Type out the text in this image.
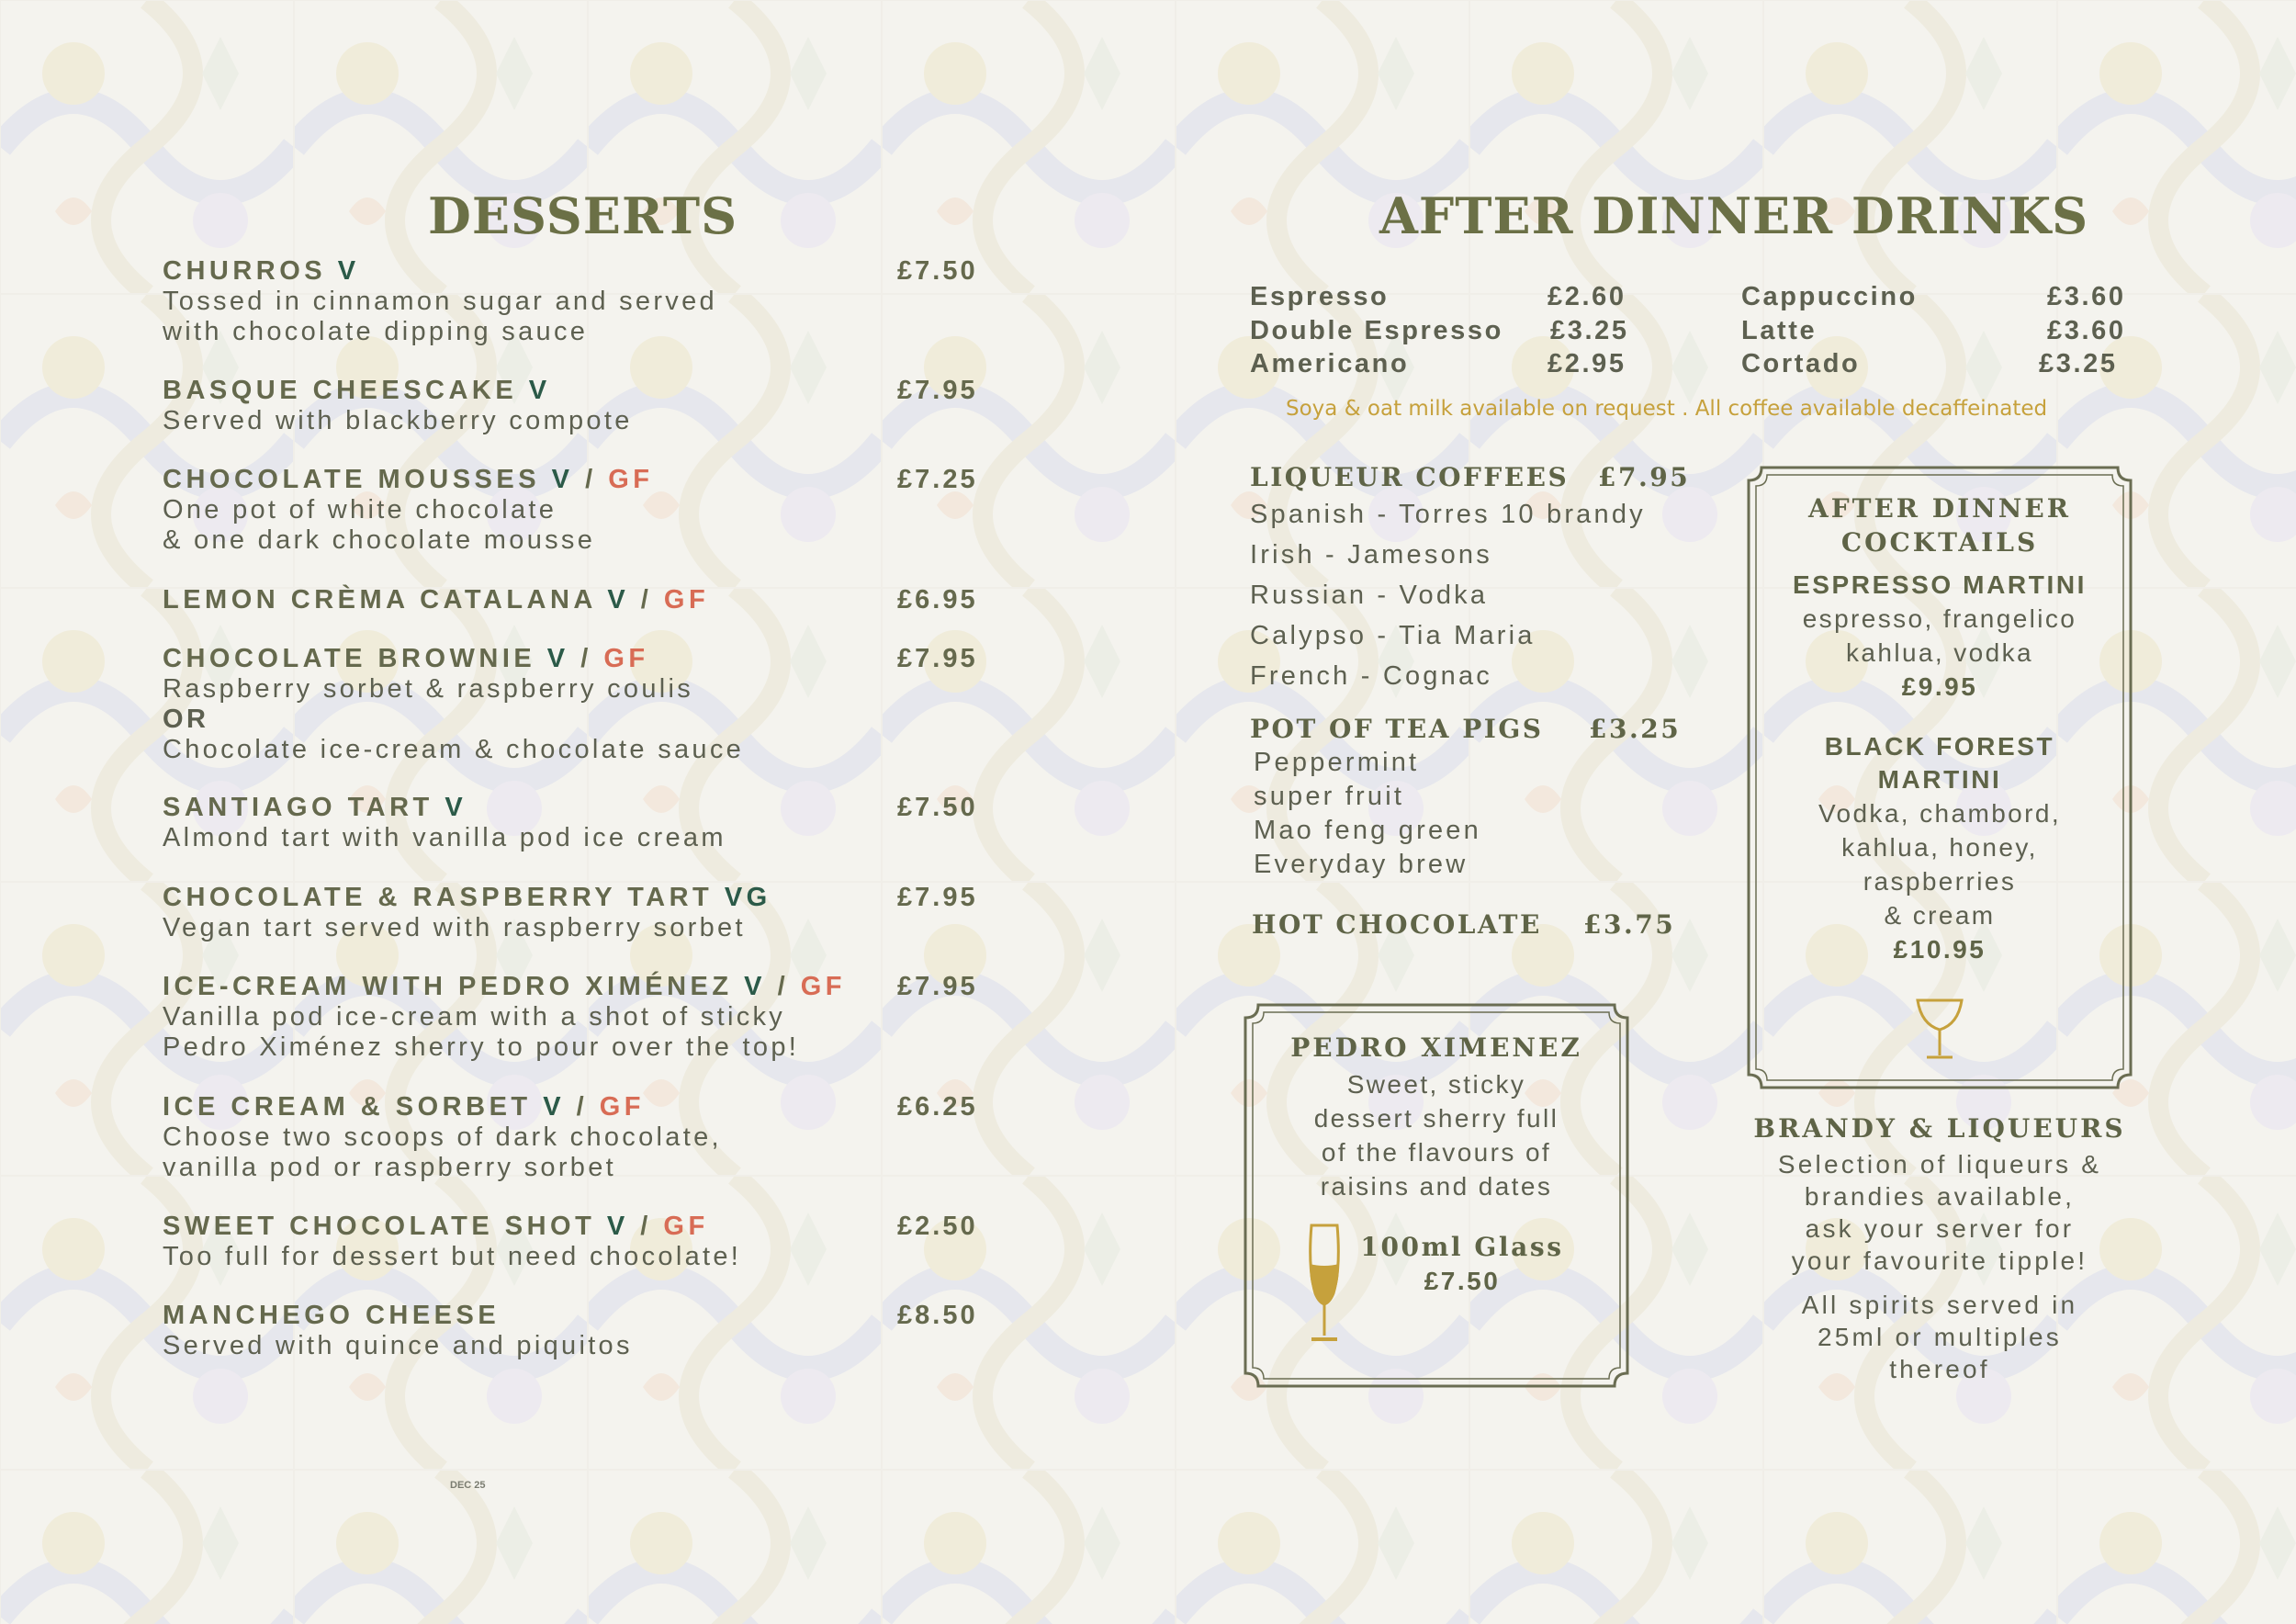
DESSERTS
CHURROS V	£7.50
Tossed in cinnamon sugar and served
with chocolate dipping sauce
BASQUE CHEESCAKE V	£7.95
Served with blackberry compote
CHOCOLATE MOUSSES V / GF	£7.25
One pot of white chocolate
& one dark chocolate mousse
LEMON CRÈMA CATALANA V / GF	£6.95
CHOCOLATE BROWNIE V / GF	£7.95
Raspberry sorbet & raspberry coulis
OR
Chocolate ice-cream & chocolate sauce
SANTIAGO TART V	£7.50
Almond tart with vanilla pod ice cream
CHOCOLATE & RASPBERRY TART VG	£7.95
Vegan tart served with raspberry sorbet
ICE-CREAM WITH PEDRO XIMÉNEZ V / GF	£7.95
Vanilla pod ice-cream with a shot of sticky
Pedro Ximénez sherry to pour over the top!
ICE CREAM & SORBET V / GF	£6.25
Choose two scoops of dark chocolate,
vanilla pod or raspberry sorbet
SWEET CHOCOLATE SHOT V / GF	£2.50
Too full for dessert but need chocolate!
MANCHEGO CHEESE	£8.50
Served with quince and piquitos
DEC 25
AFTER DINNER DRINKS
Espresso	£2.60
Double Espresso £3.25
Americano	£2.95
Cappuccino	£3.60
Latte	£3.60
Cortado	£3.25
Soya & oat milk available on request . All coffee available decaffeinated
LIQUEUR COFFEES £7.95
Spanish - Torres 10 brandy
Irish - Jamesons
Russian - Vodka
Calypso - Tia Maria
French - Cognac
POT OF TEA PIGS £3.25
Peppermint
super fruit
Mao feng green
Everyday brew
HOT CHOCOLATE £3.75
PEDRO XIMENEZ
Sweet, sticky
dessert sherry full
of the flavours of
raisins and dates
100ml Glass
£7.50
AFTER DINNER
COCKTAILS
ESPRESSO MARTINI
espresso, frangelico
kahlua, vodka
£9.95
BLACK FOREST
MARTINI
Vodka, chambord,
kahlua, honey,
raspberries
& cream
£10.95
BRANDY & LIQUEURS
Selection of liqueurs &
brandies available,
ask your server for
your favourite tipple!
All spirits served in
25ml or multiples
thereof
